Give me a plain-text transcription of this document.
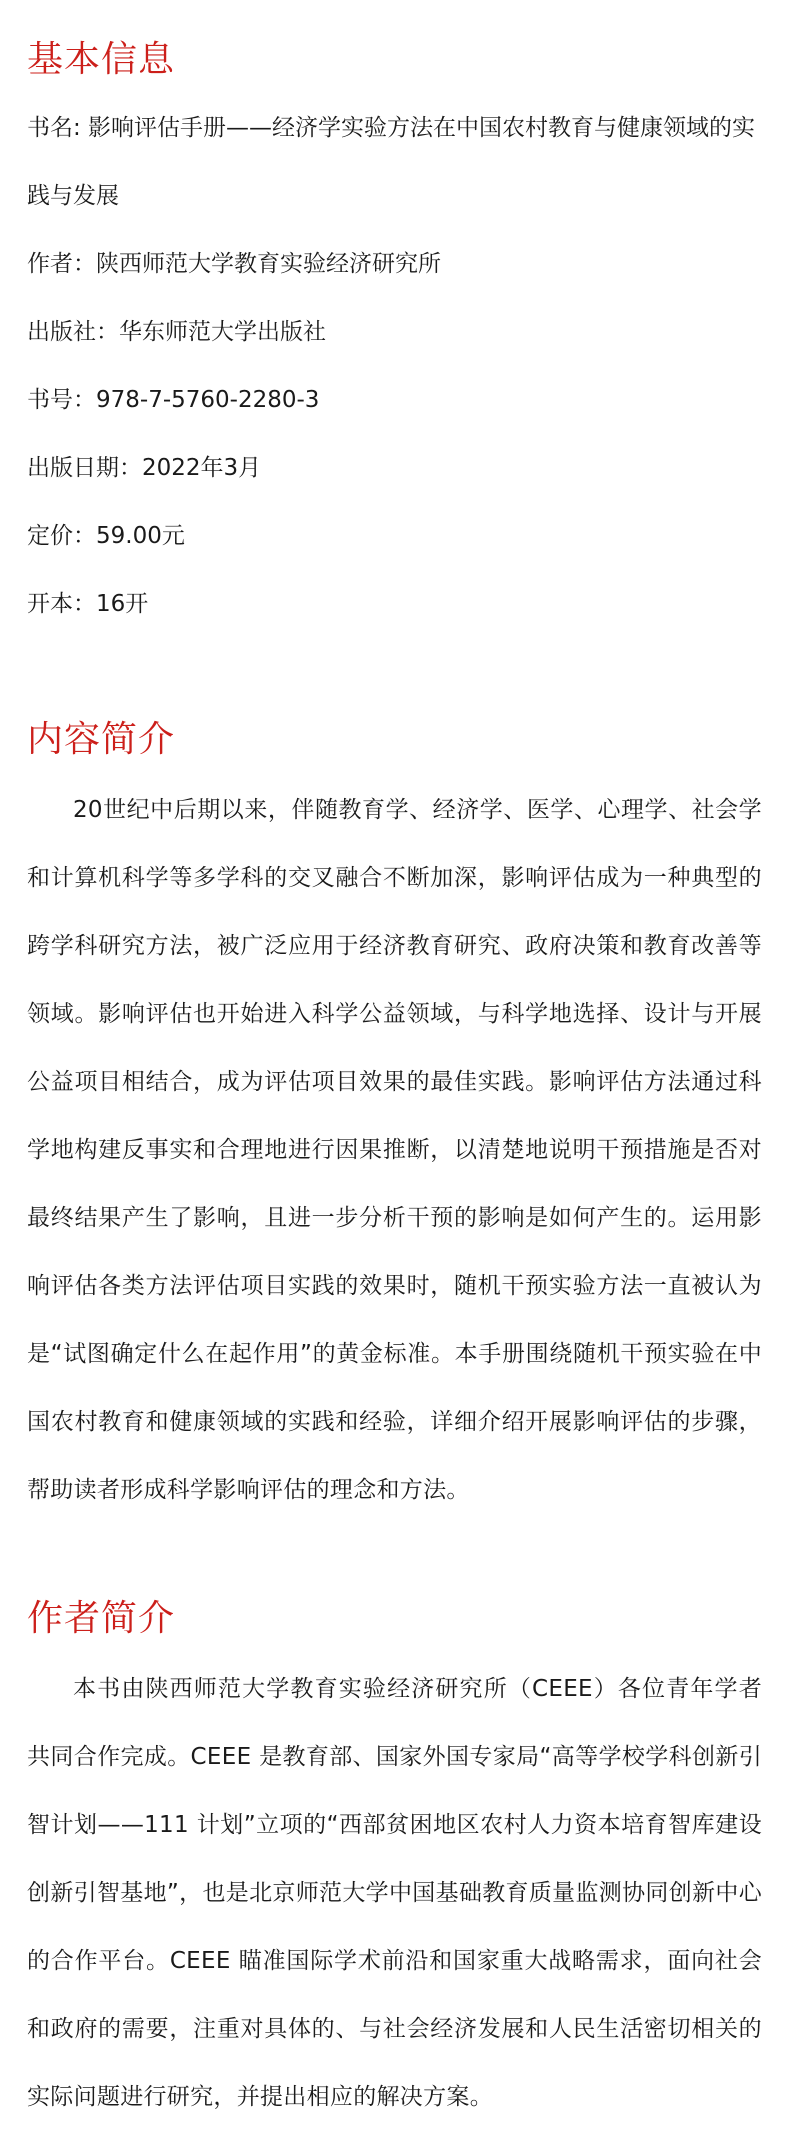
基本信息

书名: 影响评估手册——经济学实验方法在中国农村教育与健康领域的实践与发展

作者：陕西师范大学教育实验经济研究所

出版社：华东师范大学出版社

书号：978-7-5760-2280-3

出版日期：2022年3月

定价：59.00元

开本：16开

内容简介

20世纪中后期以来，伴随教育学、经济学、医学、心理学、社会学和计算机科学等多学科的交叉融合不断加深，影响评估成为一种典型的跨学科研究方法，被广泛应用于经济教育研究、政府决策和教育改善等领域。影响评估也开始进入科学公益领域，与科学地选择、设计与开展公益项目相结合，成为评估项目效果的最佳实践。影响评估方法通过科学地构建反事实和合理地进行因果推断，以清楚地说明干预措施是否对最终结果产生了影响，且进一步分析干预的影响是如何产生的。运用影响评估各类方法评估项目实践的效果时，随机干预实验方法一直被认为是“试图确定什么在起作用”的黄金标准。本手册围绕随机干预实验在中国农村教育和健康领域的实践和经验，详细介绍开展影响评估的步骤，帮助读者形成科学影响评估的理念和方法。

作者简介

本书由陕西师范大学教育实验经济研究所（CEEE）各位青年学者共同合作完成。CEEE 是教育部、国家外国专家局“高等学校学科创新引智计划——111 计划”立项的“西部贫困地区农村人力资本培育智库建设创新引智基地”，也是北京师范大学中国基础教育质量监测协同创新中心的合作平台。CEEE 瞄准国际学术前沿和国家重大战略需求，面向社会和政府的需要，注重对具体的、与社会经济发展和人民生活密切相关的实际问题进行研究，并提出相应的解决方案。
